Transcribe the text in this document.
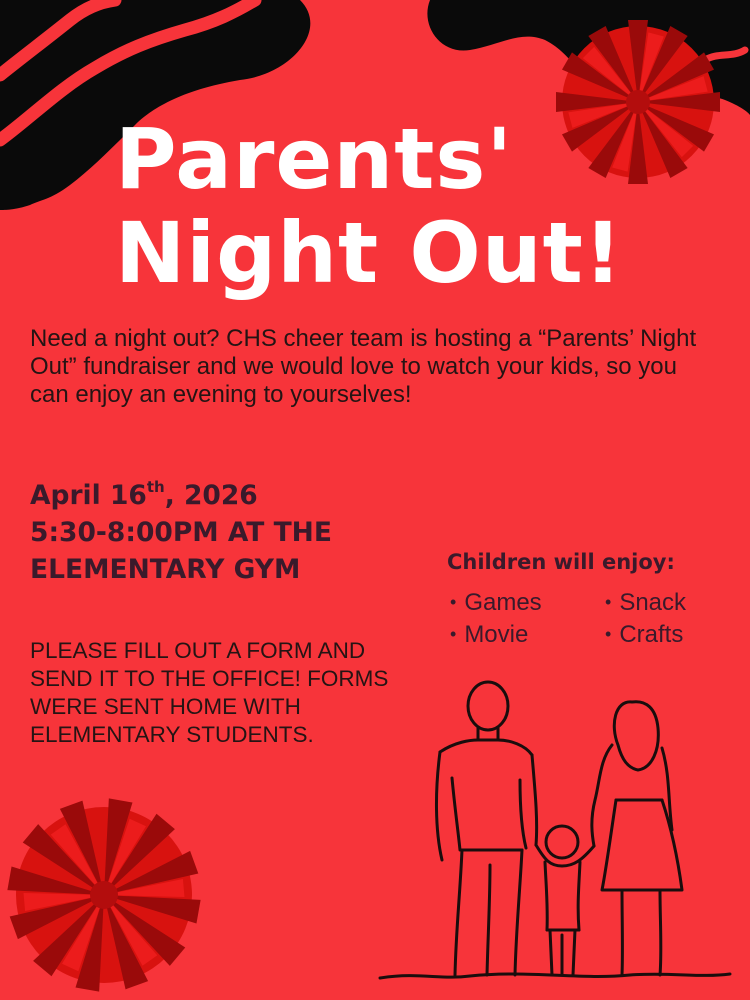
Parents'
Night Out!

Need a night out? CHS cheer team is hosting a “Parents’ Night Out” fundraiser and we would love to watch your kids, so you can enjoy an evening to yourselves!

April 16th, 2026
5:30-8:00PM AT THE
ELEMENTARY GYM

PLEASE FILL OUT A FORM AND SEND IT TO THE OFFICE! FORMS WERE SENT HOME WITH ELEMENTARY STUDENTS.

Children will enjoy:

• Games	• Snack

• Movie	• Crafts
